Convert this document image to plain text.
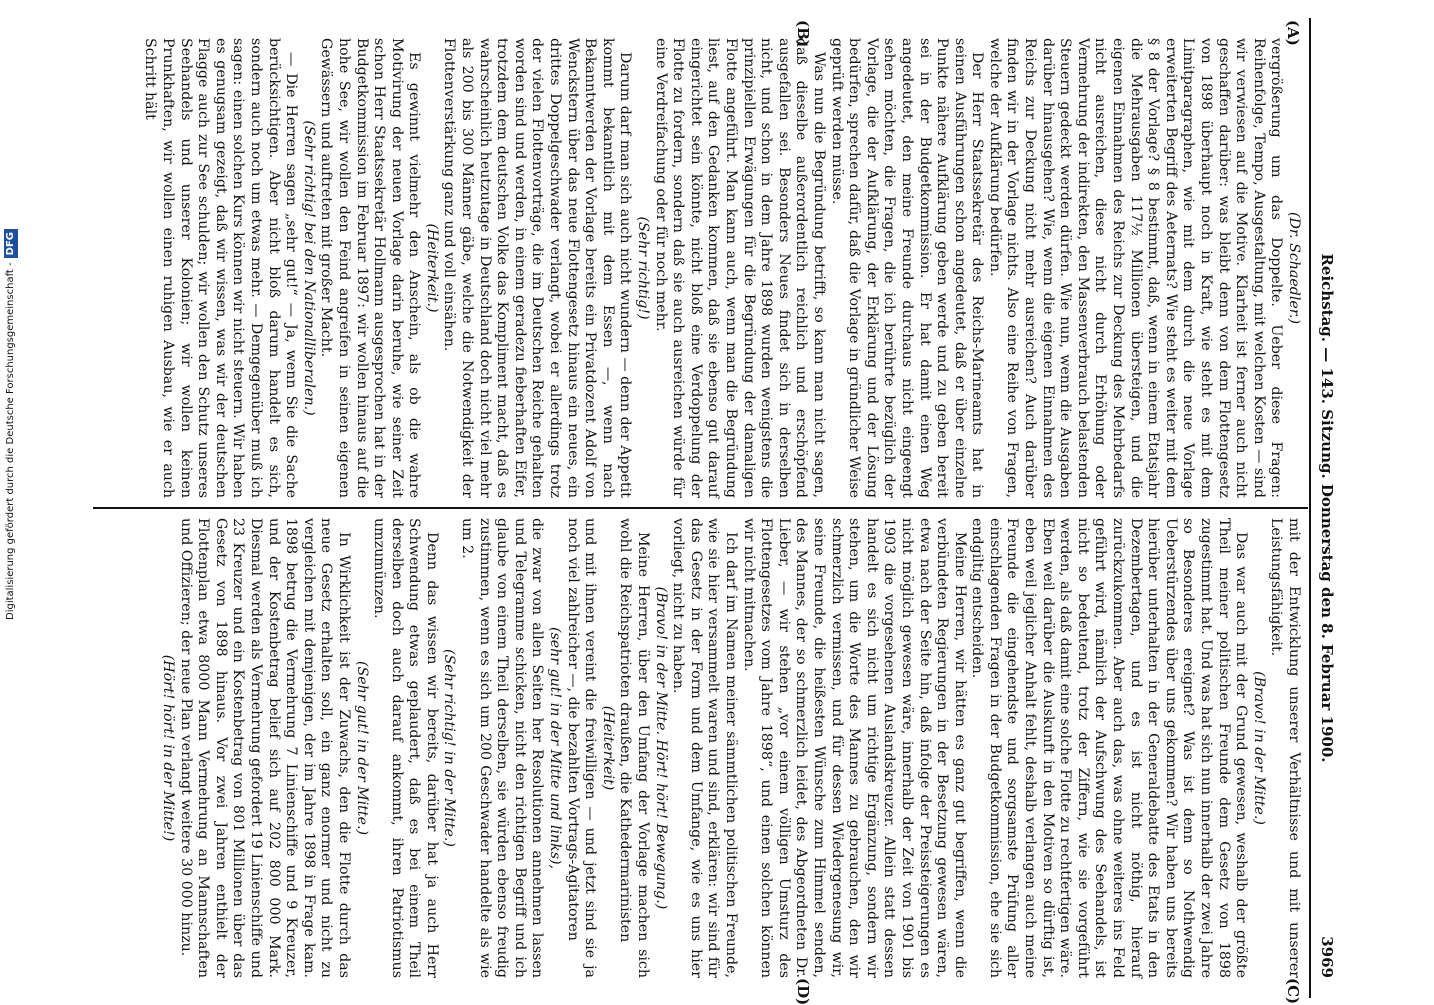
Reichstag. — 143. Sitzung. Donnerstag den 8. Februar 1900.
3969
(A)
(B)
(C)
(D)

(Dr. Schaedler.)

vergrößerung um das Doppelte. Ueber diese Fragen: Reihenfolge, Tempo, Ausgestaltung, mit welchen Kosten — sind wir verwiesen auf die Motive. Klarheit ist ferner auch nicht geschaffen darüber: was bleibt denn von dem Flottengesetz von 1898 überhaupt noch in Kraft, wie steht es mit dem Limitparagraphen, wie mit dem durch die neue Vorlage erweiterten Begriff des Aeternats? Wie steht es weiter mit dem § 8 der Vorlage? § 8 bestimmt, daß, wenn in einem Etatsjahr die Mehrausgaben 117½ Millionen übersteigen, und die eigenen Einnahmen des Reichs zur Deckung des Mehrbedarfs nicht ausreichen, diese nicht durch Erhöhung oder Vermehrung der indirekten, den Massenverbrauch belastenden Steuern gedeckt werden dürfen. Wie nun, wenn die Ausgaben darüber hinausgehen? Wie, wenn die eigenen Einnahmen des Reichs zur Deckung nicht mehr ausreichen? Auch darüber finden wir in der Vorlage nichts. Also eine Reihe von Fragen, welche der Aufklärung bedürfen.

Der Herr Staatssekretär des Reichs-Marineamts hat in seinen Ausführungen schon angedeutet, daß er über einzelne Punkte nähere Aufklärung geben werde und zu geben bereit sei in der Budgetkommission. Er hat damit einen Weg angedeutet, den meine Freunde durchaus nicht eingeengt sehen möchten, die Fragen, die ich berührte bezüglich der Vorlage, die der Aufklärung, der Erklärung und der Lösung bedürfen, sprechen dafür, daß die Vorlage in gründlicher Weise geprüft werden müsse.

Was nun die Begründung betrifft, so kann man nicht sagen, daß dieselbe außerordentlich reichlich und erschöpfend ausgefallen sei. Besonders Neues findet sich in derselben nicht, und schon in dem Jahre 1898 wurden wenigstens die prinzipiellen Erwägungen für die Begründung der damaligen Flotte angeführt. Man kann auch, wenn man die Begründung liest, auf den Gedanken kommen, daß sie ebenso gut darauf eingerichtet sein könnte, nicht bloß eine Verdoppelung der Flotte zu fordern, sondern daß sie auch ausreichen würde für eine Verdreifachung oder für noch mehr.

(Sehr richtig!)

Darum darf man sich auch nicht wundern — denn der Appetit kommt bekanntlich mit dem Essen —, wenn nach Bekanntwerden der Vorlage bereits ein Privatdozent Adolf von Wenckstern über das neue Flottengesetz hinaus ein neues, ein drittes Doppelgeschwader verlangt, wobei er allerdings trotz der vielen Flottenvorträge, die im Deutschen Reiche gehalten worden sind und werden, in einem geradezu fieberhaften Eifer, trotzdem dem deutschen Volke das Kompliment macht, daß es wahrscheinlich heutzutage in Deutschland doch nicht viel mehr als 200 bis 300 Männer gäbe, welche die Notwendigkeit der Flottenverstärkung ganz und voll einsähen.

(Heiterkeit.)

Es gewinnt vielmehr den Anschein, als ob die wahre Motivirung der neuen Vorlage darin beruhe, wie seiner Zeit schon Herr Staatssekretär Hollmann ausgesprochen hat in der Budgetkommission im Februar 1897: wir wollen hinaus auf die hohe See, wir wollen den Feind angreifen in seinen eigenen Gewässern und auftreten mit großer Macht.

(Sehr richtig! bei den Nationalliberalen.)

— Die Herren sagen „sehr gut!“ — Ja, wenn Sie die Sache berücksichtigen. Aber nicht bloß darum handelt es sich, sondern auch noch um etwas mehr. — Demgegenüber muß ich sagen: einen solchen Kurs können wir nicht steuern. Wir haben es genugsam gezeigt, daß wir wissen, was wir der deutschen Flagge auch zur See schulden; wir wollen den Schutz unseres Seehandels und unserer Kolonien; wir wollen keinen Prunkhaften, wir wollen einen ruhigen Ausbau, wie er auch Schritt hält

mit der Entwicklung unserer Verhältnisse und mit unserer Leistungsfähigkeit.

(Bravo! in der Mitte.)

Das war auch mit der Grund gewesen, weshalb der größte Theil meiner politischen Freunde dem Gesetz von 1898 zugestimmt hat. Und was hat sich nun innerhalb der zwei Jahre so Besonderes ereignet? Was ist denn so Nothwendig Ueberstürzendes über uns gekommen? Wir haben uns bereits hierüber unterhalten in der Generaldebatte des Etats in den Dezembertagen, und es ist nicht nöthig, hierauf zurückzukommen. Aber auch das, was ohne weiteres ins Feld geführt wird, nämlich der Aufschwung des Seehandels, ist nicht so bedeutend, trotz der Ziffern, wie sie vorgeführt werden, als daß damit eine solche Flotte zu rechtfertigen wäre. Eben weil darüber die Auskunft in den Motiven so dürftig ist, eben weil jeglicher Anhalt fehlt, deshalb verlangen auch meine Freunde die eingehendste und sorgsamste Prüfung aller einschlagenden Fragen in der Budgetkommission, ehe sie sich endgiltig entscheiden.

Meine Herren, wir hätten es ganz gut begriffen, wenn die verbündeten Regierungen in der Besetzung gewesen wären, etwa nach der Seite hin, daß infolge der Preissteigerungen es nicht möglich gewesen wäre, innerhalb der Zeit von 1901 bis 1903 die vorgesehenen Auslandskreuzer. Allein statt dessen handelt es sich nicht um richtige Ergänzung, sondern wir stehen, um die Worte des Mannes zu gebrauchen, den wir schmerzlich vermissen, und für dessen Wiedergenesung wir, seine Freunde, die heißesten Wünsche zum Himmel senden, des Mannes, der so schmerzlich leidet, des Abgeordneten Dr. Lieber, — wir stehen „vor einem völligen Umsturz des Flottengesetzes vom Jahre 1898“, und einen solchen können wir nicht mitmachen.

Ich darf im Namen meiner sämmtlichen politischen Freunde, wie sie hier versammelt waren und sind, erklären: wir sind für das Gesetz in der Form und dem Umfange, wie es uns hier vorliegt, nicht zu haben.

(Bravo! in der Mitte. Hört! hört! Bewegung.)

Meine Herren, über den Umfang der Vorlage machen sich wohl die Reichspatrioten draußen, die Kathedermarinisten

(Heiterkeit)

und mit ihnen vereint die freiwilligen — und jetzt sind sie ja noch viel zahlreicher —, die bezahlten Vortrags-Agitatoren

(sehr gut! in der Mitte und links),

die zwar von allen Seiten her Resolutionen annehmen lassen und Telegramme schicken, nicht den richtigen Begriff und ich glaube von einem Theil derselben, sie würden ebenso freudig zustimmen, wenn es sich um 200 Geschwader handelte als wie um 2.

(Sehr richtig! in der Mitte.)

Denn das wissen wir bereits, darüber hat ja auch Herr Schwendung etwas geplaudert, daß es bei einem Theil derselben doch auch darauf ankommt, ihren Patriotismus umzumünzen.

(Sehr gut! in der Mitte.)

In Wirklichkeit ist der Zuwachs, den die Flotte durch das neue Gesetz erhalten soll, ein ganz enormer und nicht zu vergleichen mit demjenigen, der im Jahre 1898 in Frage kam. 1898 betrug die Vermehrung 7 Linienschiffe und 9 Kreuzer, und der Kostenbetrag belief sich auf 202 800 000 Mark. Diesmal werden als Vermehrung gefordert 19 Linienschiffe und 23 Kreuzer und ein Kostenbetrag von 801 Millionen über das Gesetz von 1898 hinaus. Vor zwei Jahren enthielt der Flottenplan etwa 8000 Mann Vermehrung an Mannschaften und Offizieren; der neue Plan verlangt weitere 30 000 hinzu.

(Hört! hört! in der Mitte!)

Digitalisierung gefördert durch die Deutsche Forschungsgemeinschaft -DFG
